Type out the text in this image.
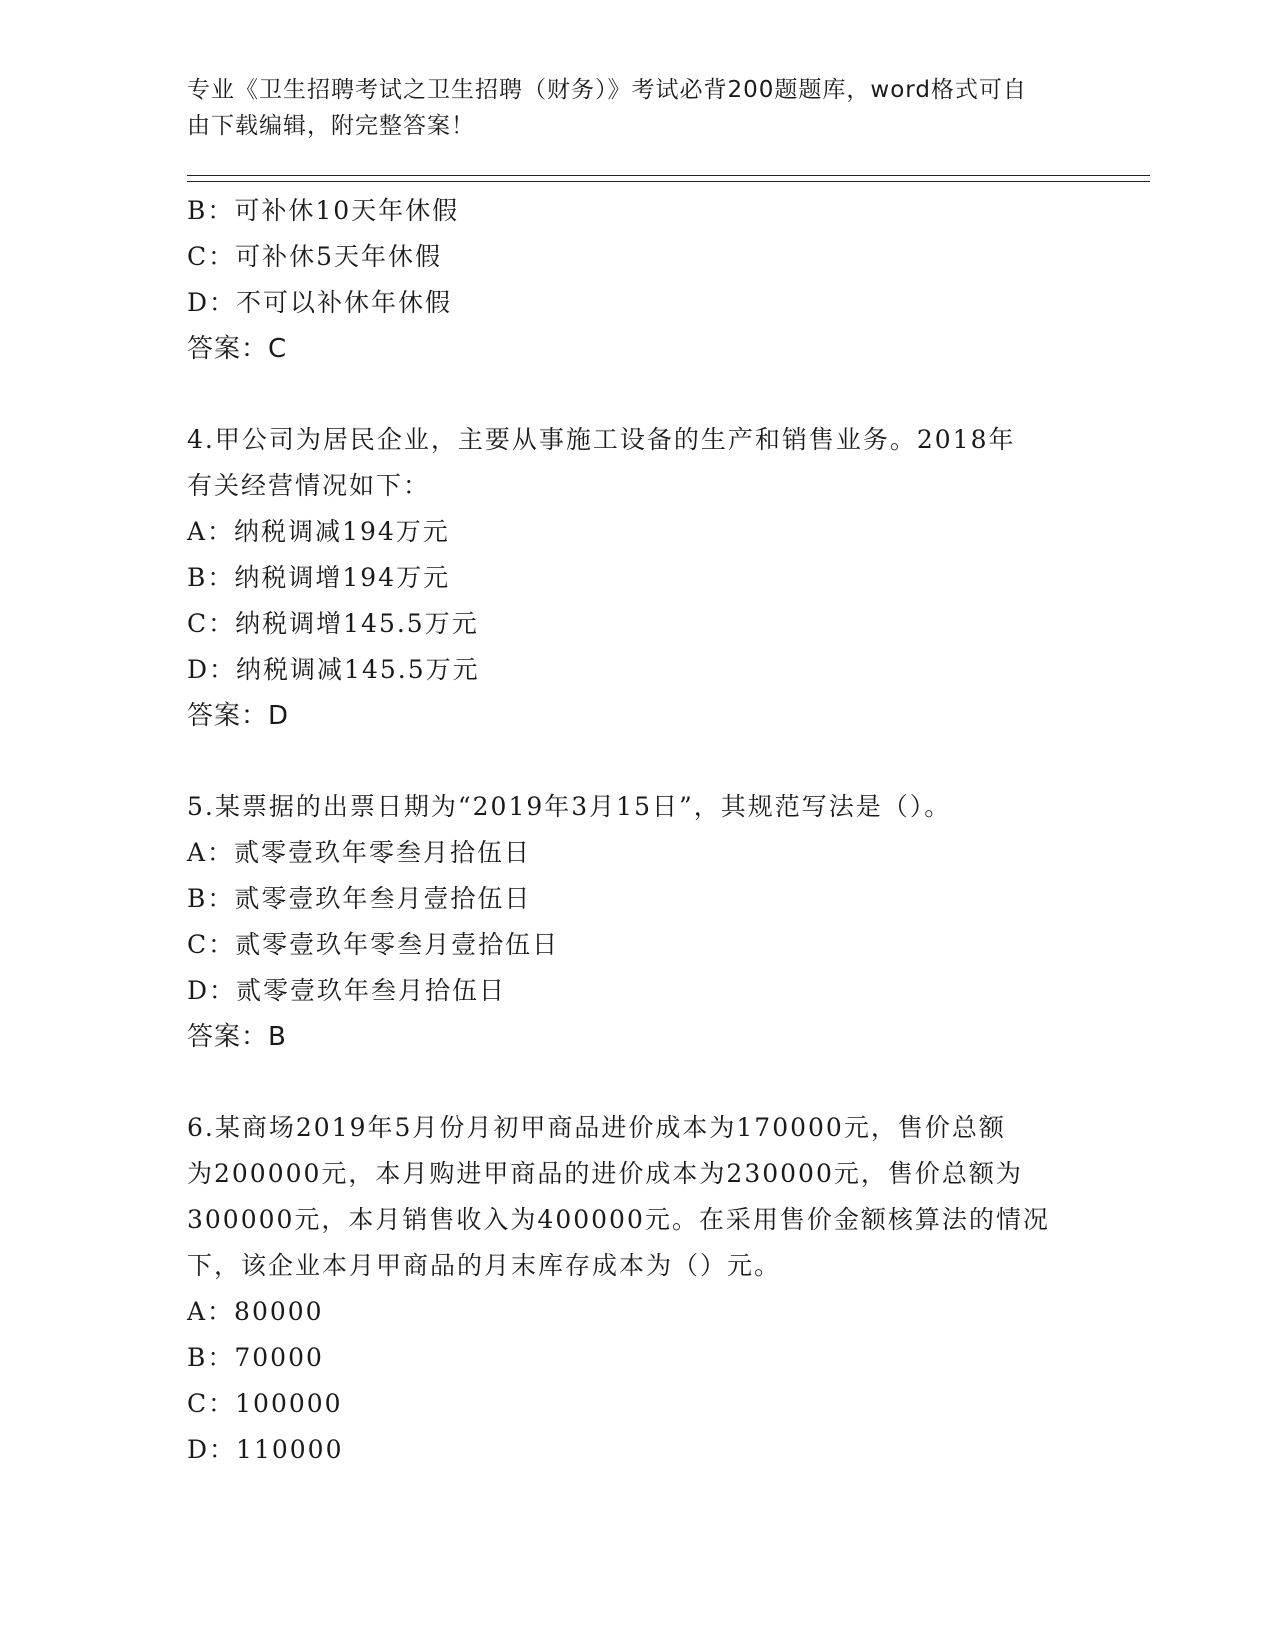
专业《卫生招聘考试之卫生招聘（财务）》考试必背200题题库，word格式可自
由下载编辑，附完整答案！

B：可补休10天年休假
C：可补休5天年休假
D：不可以补休年休假
答案：C
4.甲公司为居民企业，主要从事施工设备的生产和销售业务。2018年
有关经营情况如下：
A：纳税调减194万元
B：纳税调增194万元
C：纳税调增145.5万元
D：纳税调减145.5万元
答案：D
5.某票据的出票日期为“2019年3月15日”，其规范写法是（）。
A：贰零壹玖年零叁月拾伍日
B：贰零壹玖年叁月壹拾伍日
C：贰零壹玖年零叁月壹拾伍日
D：贰零壹玖年叁月拾伍日
答案：B
6.某商场2019年5月份月初甲商品进价成本为170000元，售价总额
为200000元，本月购进甲商品的进价成本为230000元，售价总额为
300000元，本月销售收入为400000元。在采用售价金额核算法的情况
下，该企业本月甲商品的月末库存成本为（）元。
A：80000
B：70000
C：100000
D：110000
